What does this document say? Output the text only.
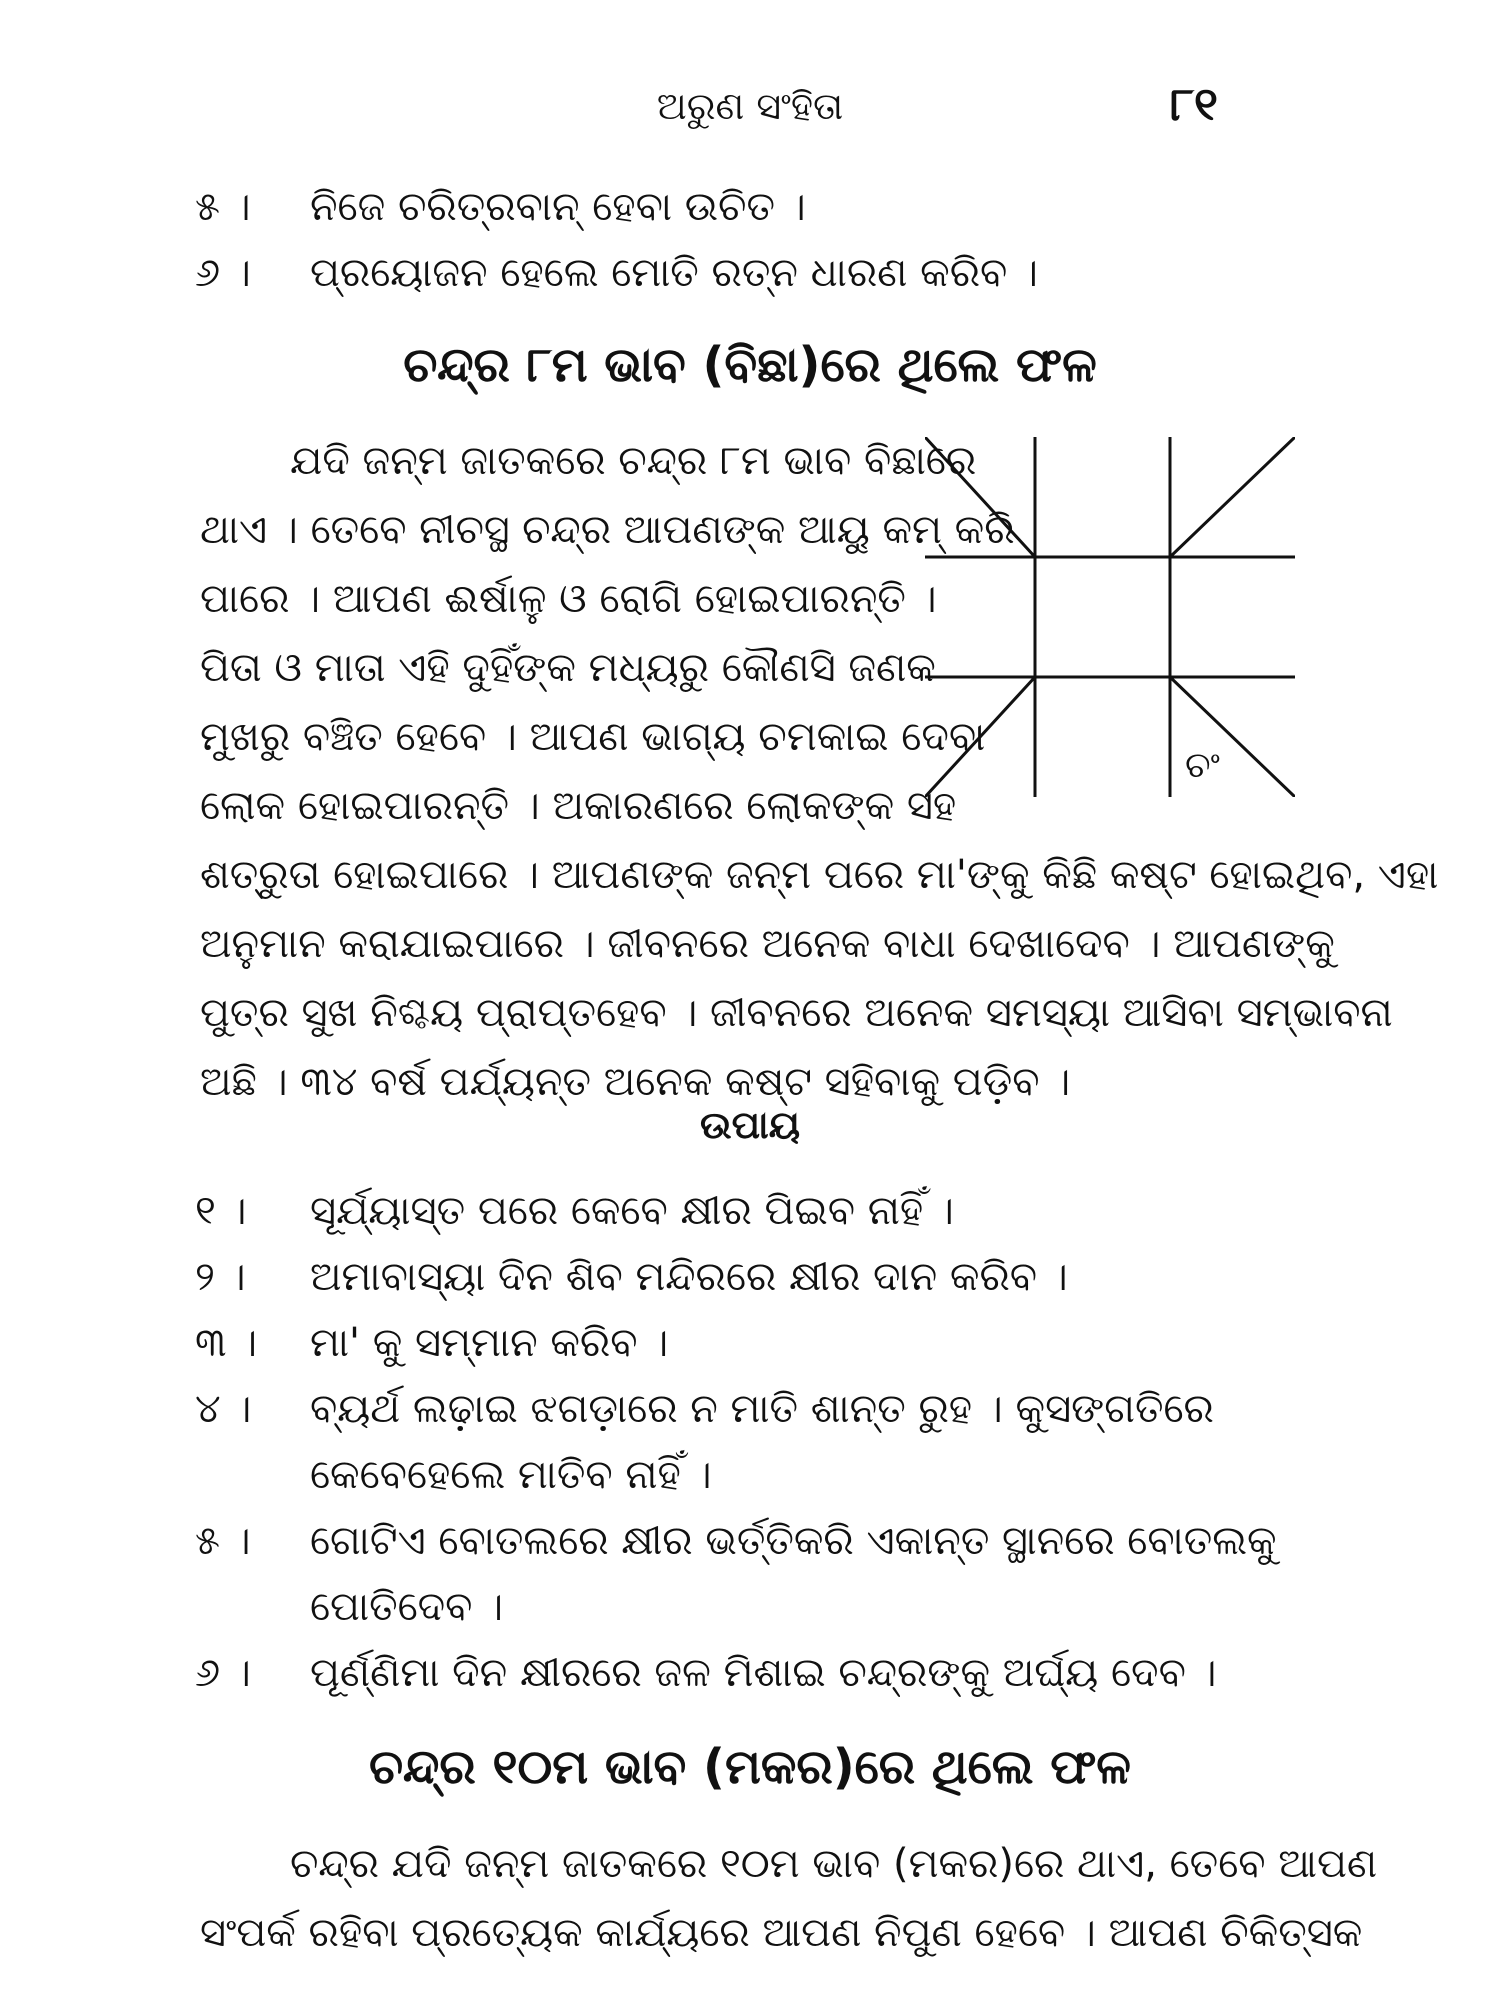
ଅରୁଣ ସଂହିତା	୮୧
୫ ।	ନିଜେ ଚରିତ୍ରବାନ୍ ହେବା ଉଚିତ ।
୬ ।	ପ୍ରୟୋଜନ ହେଲେ ମୋତି ରତ୍ନ ଧାରଣ କରିବ ।
ଚନ୍ଦ୍ର ୮ମ ଭାବ (ବିଛା)ରେ ଥିଲେ ଫଳ
ଯଦି ଜନ୍ମ ଜାତକରେ ଚନ୍ଦ୍ର ୮ମ ଭାବ ବିଛାରେ
ଥାଏ । ତେବେ ନୀଚସ୍ଥ ଚନ୍ଦ୍ର ଆପଣଙ୍କ ଆୟୁ କମ୍ କରି
ପାରେ । ଆପଣ ଈର୍ଷାଳୁ ଓ ରୋଗି ହୋଇପାରନ୍ତି ।
ପିତା ଓ ମାତା ଏହି ଦୁହିଁଙ୍କ ମଧ୍ୟରୁ କୌଣସି ଜଣକ
ମୁଖରୁ ବଞ୍ଚିତ ହେବେ । ଆପଣ ଭାଗ୍ୟ ଚମକାଇ ଦେବା
ଲୋକ ହୋଇପାରନ୍ତି । ଅକାରଣରେ ଲୋକଙ୍କ ସହ
ଶତ୍ରୁତା ହୋଇପାରେ । ଆପଣଙ୍କ ଜନ୍ମ ପରେ ମା'ଙ୍କୁ କିଛି କଷ୍ଟ ହୋଇଥିବ, ଏହା
ଅନୁମାନ କରାଯାଇପାରେ । ଜୀବନରେ ଅନେକ ବାଧା ଦେଖାଦେବ । ଆପଣଙ୍କୁ
ପୁତ୍ର ସୁଖ ନିଶ୍ଚୟ ପ୍ରାପ୍ତହେବ । ଜୀବନରେ ଅନେକ ସମସ୍ୟା ଆସିବା ସମ୍ଭାବନା
ଅଛି । ୩୪ ବର୍ଷ ପର୍ଯ୍ୟନ୍ତ ଅନେକ କଷ୍ଟ ସହିବାକୁ ପଡ଼ିବ ।
ଚଂ
ଉପାୟ
୧ ।	ସୂର୍ଯ୍ୟାସ୍ତ ପରେ କେବେ କ୍ଷୀର ପିଇବ ନାହିଁ ।
୨ ।	ଅମାବାସ୍ୟା ଦିନ ଶିବ ମନ୍ଦିରରେ କ୍ଷୀର ଦାନ କରିବ ।
୩ ।	ମା' କୁ ସମ୍ମାନ କରିବ ।
୪ ।	ବ୍ୟର୍ଥ ଲଢ଼ାଇ ଝଗଡ଼ାରେ ନ ମାତି ଶାନ୍ତ ରୁହ । କୁସଙ୍ଗତିରେ କେବେହେଲେ ମାତିବ ନାହିଁ ।
୫ ।	ଗୋଟିଏ ବୋତଲରେ କ୍ଷୀର ଭର୍ତ୍ତିକରି ଏକାନ୍ତ ସ୍ଥାନରେ ବୋତଲକୁ ପୋତିଦେବ ।
୬ ।	ପୂର୍ଣ୍ଣିମା ଦିନ କ୍ଷୀରରେ ଜଳ ମିଶାଇ ଚନ୍ଦ୍ରଙ୍କୁ ଅର୍ଘ୍ୟ ଦେବ ।
ଚନ୍ଦ୍ର ୧୦ମ ଭାବ (ମକର)ରେ ଥିଲେ ଫଳ
ଚନ୍ଦ୍ର ଯଦି ଜନ୍ମ ଜାତକରେ ୧୦ମ ଭାବ (ମକର)ରେ ଥାଏ, ତେବେ ଆପଣ
ସଂପର୍କ ରହିବା ପ୍ରତ୍ୟେକ କାର୍ଯ୍ୟରେ ଆପଣ ନିପୁଣ ହେବେ । ଆପଣ ଚିକିତ୍ସକ
